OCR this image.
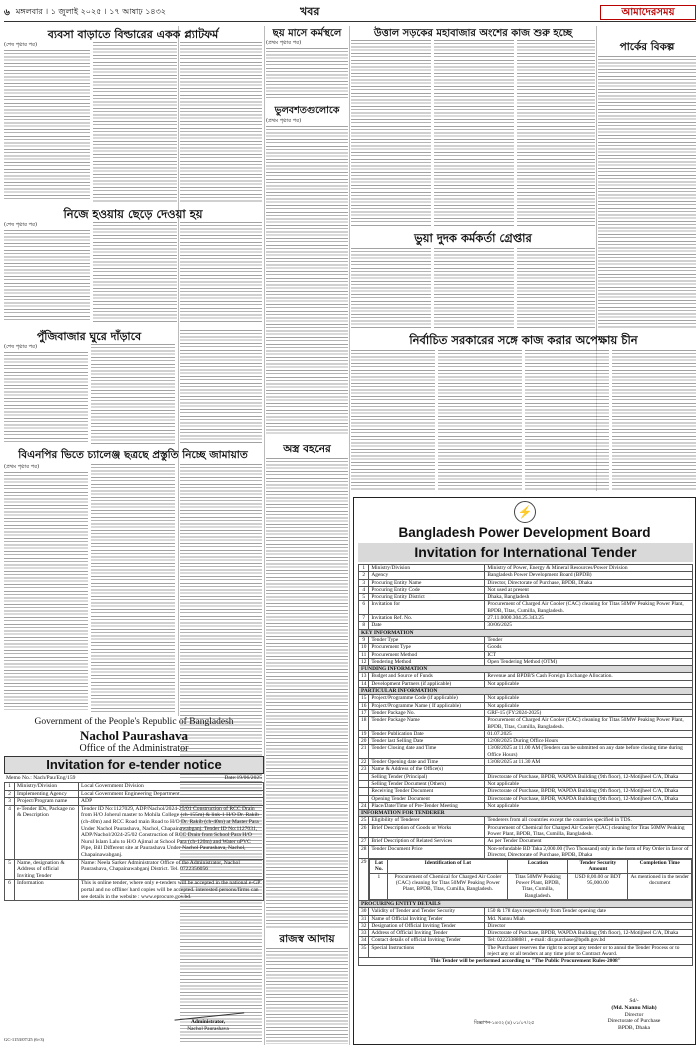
৬ মঙ্গলবার । ১ জুলাই ২০২৫ । ১৭ আষাঢ় ১৪৩২	খবর	আমাদেরসময়
ব্যবসা বাড়াতে বিল্ডারের একক প্ল্যাটফর্ম
(শেষ পৃষ্ঠার পর)
নিজে হওয়ায় ছেড়ে দেওয়া হয়
(শেষ পৃষ্ঠার পর)
পুঁজিবাজার ঘুরে দাঁড়াবে
(শেষ পৃষ্ঠার পর)
বিএনপির ভিতে চ্যালেঞ্জ ছত্রছে প্রস্তুতি নিচ্ছে জামায়াত
(প্রথম পৃষ্ঠার পর)
ছয় মাসে কর্মস্থলে
(প্রথম পৃষ্ঠার পর)
ভুলবশতগুলোকে
(প্রথম পৃষ্ঠার পর)
অস্ত্র বহনের
রাজস্ব আদায়
উত্তাল সড়কের মহাবাজার অংশের কাজ শুরু হচ্ছে
ভুয়া দুদক কর্মকর্তা গ্রেপ্তার
নির্বাচিত সরকারের সঙ্গে কাজ করার অপেক্ষায় চীন
পার্কের বিকল্প
⚡
Bangladesh Power Development Board
Invitation for International Tender
1	Ministry/Division	Ministry of Power, Energy & Mineral Resources/Power Division
2	Agency	Bangladesh Power Development Board (BPDB)
3	Procuring Entity Name	Director, Directorate of Purchase, BPDB, Dhaka
4	Procuring Entity Code	Not used at present
5	Procuring Entity District	Dhaka, Bangladesh
6	Invitation for	Procurement of Charged Air Cooler (CAC) cleaning for Titas 50MW Peaking Power Plant, BPDB, Titas, Cumilla, Bangladesh.
7	Invitation Ref. No.	27.11.0000.304.25.343.25
8	Date	30/06/2025
KEY INFORMATION
9	Tender Type	Tender
10	Procurement Type	Goods
11	Procurement Method	ICT
12	Tendering Method	Open Tendering Method (OTM)
FUNDING INFORMATION
13	Budget and Source of Funds	Revenue and BPDB'S Cash Foreign Exchange Allocation.
14	Development Partners (if applicable)	Not applicable
PARTICULAR INFORMATION
15	Project/Programme Code (if applicable)	Not applicable
16	Project/Programme Name ( If applicable)	Not applicable
17	Tender Package No.	GRF-15 (FY:2024-2025)
18	Tender Package Name	Procurement of Charged Air Cooler (CAC) cleaning for Titas 50MW Peaking Power Plant, BPDB, Titas, Cumilla, Bangladesh.
19	Tender Publication Date	01.07.2025
20	Tender last Selling Date	12/08/2025 During Office Hours
21	Tender Closing date and Time	13/08/2025 at 11.00 AM (Tenders can be submitted on any date before closing time during Office Hours)
22	Tender Opening date and Time	13/08/2025 at 11.30 AM
23	Name & Address of the Office(s)	
	Selling Tender (Principal)	Directorate of Purchase, BPDB, WAPDA Building (9th floor), 12-Motijheel C/A, Dhaka
	Selling Tender Document (Others)	Not applicable
	Receiving Tender Document	Directorate of Purchase, BPDB, WAPDA Building (9th floor), 12-Motijheel C/A, Dhaka
	Opening Tender Document	Directorate of Purchase, BPDB, WAPDA Building (9th floor), 12-Motijheel C/A, Dhaka
24	Place/Date/Time of Pre-Tender Meeting	Not applicable
INFORMATION FOR TENDERER
25	Eligibility of Tenderer	Tenderers from all countries except the countries specified in TDS.
26	Brief Description of Goods or Works	Procurement of Chemical for Charged Air Cooler (CAC) cleaning for Titas 50MW Peaking Power Plant, BPDB, Titas, Cumilla, Bangladesh.
27	Brief Description of Related Services	As per Tender Document
28	Tender Document Price	Non-refundable BD Taka 2,000.00 (Two Thousand) only in the form of Pay Order in favor of Director, Directorate of Purchase, BPDB, Dhaka
29	Lot No.	Identification of Lot	Location	Tender Security Amount	Completion Time
1	Procurement of Chemical for Charged Air Cooler (CAC) cleaning for Titas 50MW Peaking Power Plant, BPDB, Titas, Cumilla, Bangladesh.	Titas 50MW Peaking Power Plant, BPDB, Titas, Cumilla, Bangladesh.	USD 8,00.00 or BDT 95,000.00	As mentioned in the tender document

PROCURING ENTITY DETAILS
30	Validity of Tender and Tender Security	150 & 178 days respectively from Tender opening date
31	Name of Official Inviting Tender	Md. Nannu Miah
32	Designation of Official Inviting Tender	Director
33	Address of Official Inviting Tender	Directorate of Purchase, BPDB, WAPDA Building (9th floor), 12-Motijheel C/A, Dhaka
34	Contact details of official Inviting Tender	Tel: 02223388081 , e-mail: dir.purchase@bpdb.gov.bd
35	Special Instructions	The Purchaser reserves the right to accept any tender or to annul the Tender Process or to reject any or all tenders at any time prior to Contract Award.
This Tender will be performed according to "The Public Procurement Rules-2008"
Sd/-
(Md. Nannu Miah)
Director
Directorate of Purchase
BPDB, Dhaka
বিজ্ঞাপন-১৪৩২ (৪) ০১/০৭/২৫
Government of the People's Republic of Bangladesh
Nachol Paurashava
Office of the Administrator
Invitation for e-tender notice
Memo No.: Nach/Pau/Eng/159	Date:19/06/2025
1	Ministry/Division	Local Government Division
2	Implementing Agency	Local Government Engineering Department
3	Project/Program name	ADP
4	e-Tender IDs, Package no & Description	Tender ID No:1127029, ADP/Nachol/2024-25/01 Construction of RCC Drain from H/O Joherul master to Mohila College (ch-155m) & link-1 H/O Dr. Rakib (ch-40m) and RCC Road main Road to H/O Dr. Rakib (ch-40m) at Master Para Under Nachol Paurashava, Nachol, Chapainawabganj. Tender ID No:1127031, ADP/Nachol/2024-25/02 Construction of RCC Drain from School Para H/O Nurul Islam Lalu to H/O Ajimal at School Para (ch-120m) and Water uPVC Pipe, Bill Different site at Paurashava Under Nachol Paurashava, Nachol, Chapainawabganj.
5	Name, designation & Address of official Inviting Tender	Name: Neela Sarker Administrator Office of the Administrator, Nachol Paurashava, Chapainawabganj District. Tel. 0722356056
6	Information	This is online tender, where only e-tenders will be accepted in the national e-GP portal and no offline/ hard copies will be accepted. interested persons/firms can see details in the website : www.eprocure.gov.bd.
Administrator,
Nachol Paurashava
GC-1153/07/25 (6×3)
